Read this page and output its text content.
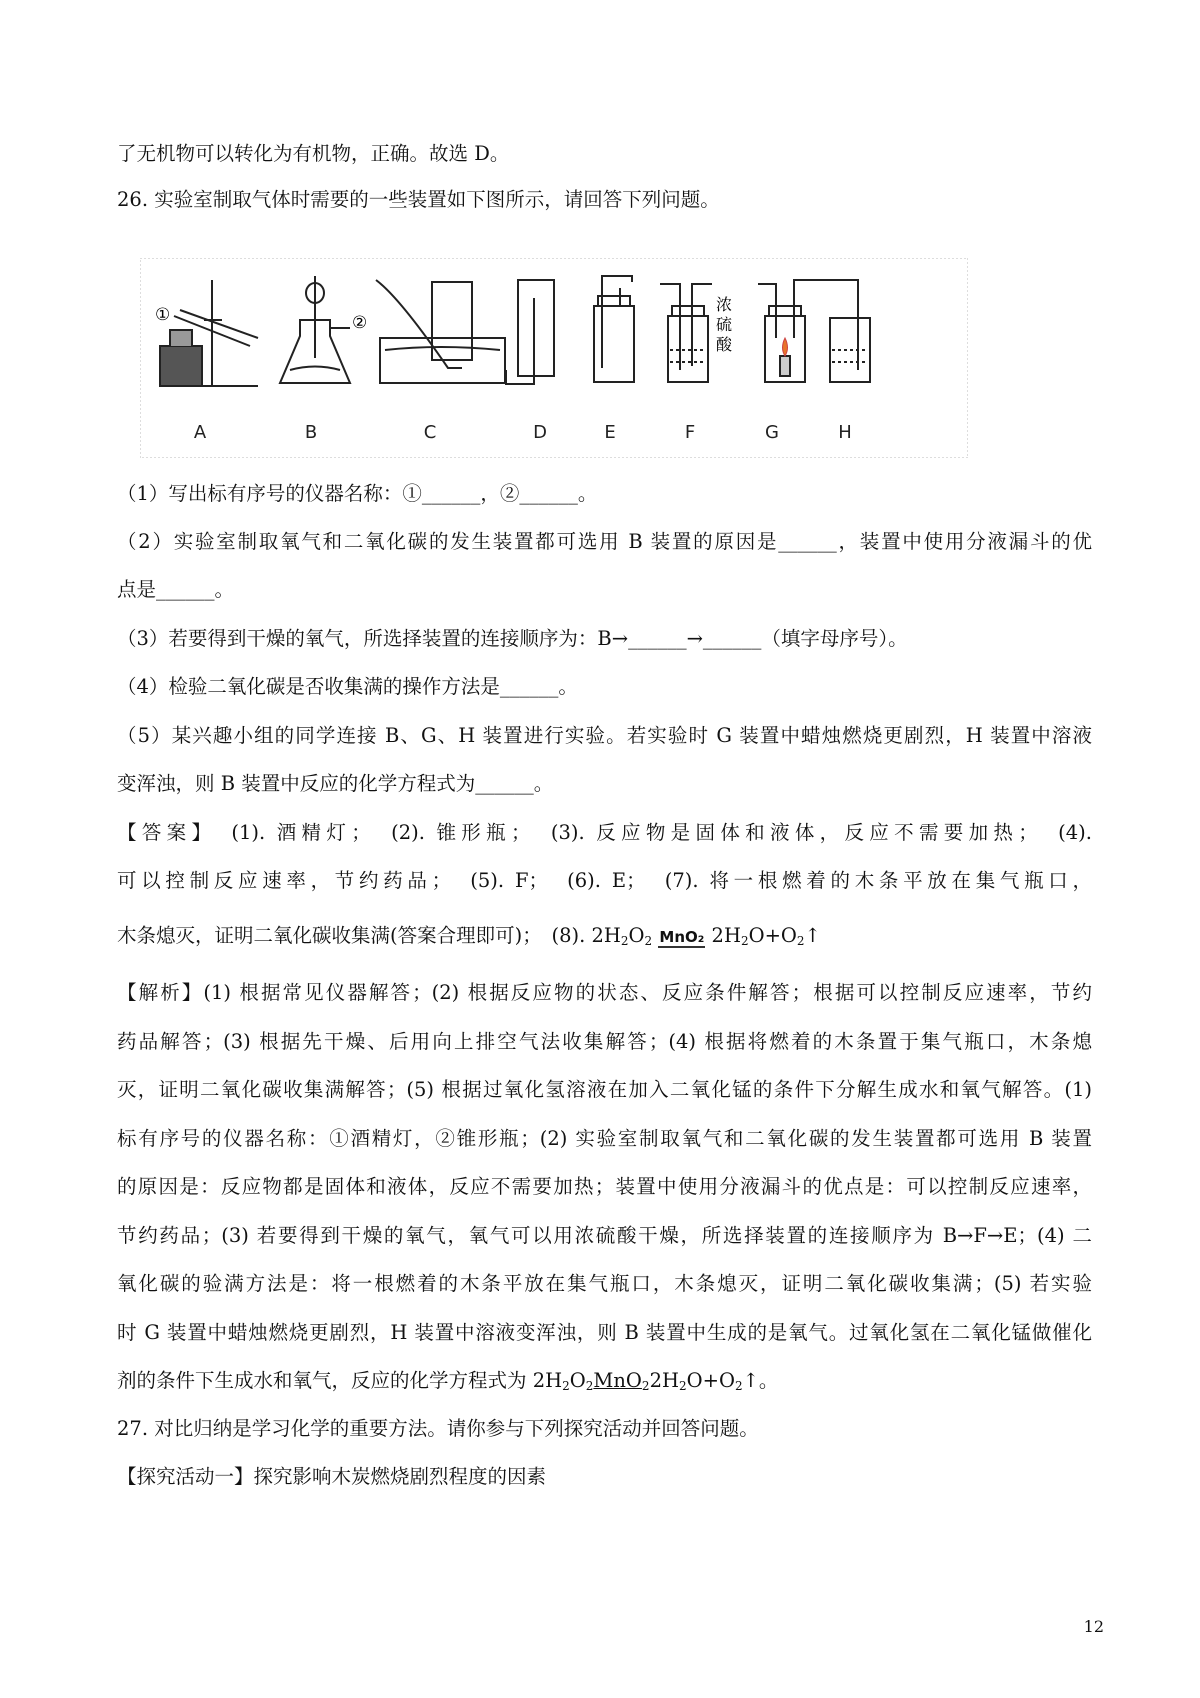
了无机物可以转化为有机物，正确。故选 D。
26. 实验室制取气体时需要的一些装置如下图所示，请回答下列问题。
①	②
浓
硫
酸
A	B	C	D	E	F	G	H
（1）写出标有序号的仪器名称：①______，②______。
（2）实验室制取氧气和二氧化碳的发生装置都可选用 B 装置的原因是______，装置中使用分液漏斗的优
点是______。
（3）若要得到干燥的氧气，所选择装置的连接顺序为：B→______→______（填字母序号）。
（4）检验二氧化碳是否收集满的操作方法是______。
（5）某兴趣小组的同学连接 B、G、H 装置进行实验。若实验时 G 装置中蜡烛燃烧更剧烈，H 装置中溶液
变浑浊，则 B 装置中反应的化学方程式为______。
【答案】　(1). 酒精灯；　(2). 锥形瓶；　(3). 反应物是固体和液体，反应不需要加热；　(4).
可以控制反应速率，节约药品；　(5). F；　(6). E；　(7). 将一根燃着的木条平放在集气瓶口，
木条熄灭，证明二氧化碳收集满(答案合理即可)；　(8). $2H_2O_2$ MnO₂ $2H_2O+O_2↑$
【解析】(1) 根据常见仪器解答；(2) 根据反应物的状态、反应条件解答；根据可以控制反应速率，节约
药品解答；(3) 根据先干燥、后用向上排空气法收集解答；(4) 根据将燃着的木条置于集气瓶口，木条熄
灭，证明二氧化碳收集满解答；(5) 根据过氧化氢溶液在加入二氧化锰的条件下分解生成水和氧气解答。(1)
标有序号的仪器名称：①酒精灯，②锥形瓶；(2) 实验室制取氧气和二氧化碳的发生装置都可选用 B 装置
的原因是：反应物都是固体和液体，反应不需要加热；装置中使用分液漏斗的优点是：可以控制反应速率，
节约药品；(3) 若要得到干燥的氧气，氧气可以用浓硫酸干燥，所选择装置的连接顺序为 B→F→E；(4) 二
氧化碳的验满方法是：将一根燃着的木条平放在集气瓶口，木条熄灭，证明二氧化碳收集满；(5) 若实验
时 G 装置中蜡烛燃烧更剧烈，H 装置中溶液变浑浊，则 B 装置中生成的是氧气。过氧化氢在二氧化锰做催化
剂的条件下生成水和氧气，反应的化学方程式为 $2H_2O_2MnO_22H_2O+O_2↑$。
27. 对比归纳是学习化学的重要方法。请你参与下列探究活动并回答问题。
【探究活动一】探究影响木炭燃烧剧烈程度的因素
12
